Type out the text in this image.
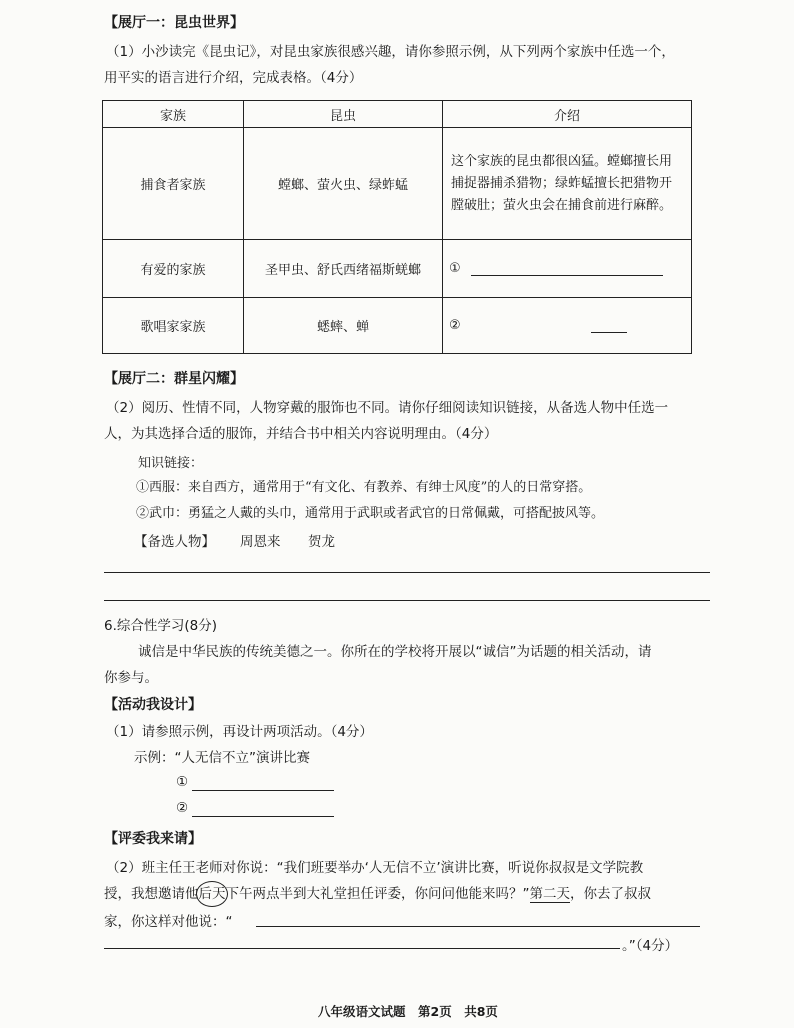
【展厅一：昆虫世界】
（1）小沙读完《昆虫记》，对昆虫家族很感兴趣，请你参照示例，从下列两个家族中任选一个，
用平实的语言进行介绍，完成表格。（4分）
家族	昆虫	介绍
捕食者家族	螳螂、萤火虫、绿蚱蜢	这个家族的昆虫都很凶猛。螳螂擅长用捕捉器捕杀猎物；绿蚱蜢擅长把猎物开膛破肚；萤火虫会在捕食前进行麻醉。
有爱的家族	圣甲虫、舒氏西绪福斯蜣螂	①
歌唱家家族	蟋蟀、蝉	②
【展厅二：群星闪耀】
（2）阅历、性情不同，人物穿戴的服饰也不同。请你仔细阅读知识链接，从备选人物中任选一
人，为其选择合适的服饰，并结合书中相关内容说明理由。（4分）
知识链接：
①西服：来自西方，通常用于“有文化、有教养、有绅士风度”的人的日常穿搭。
②武巾：勇猛之人戴的头巾，通常用于武职或者武官的日常佩戴，可搭配披风等。
【备选人物】 周恩来 贺龙
6.综合性学习(8分)
诚信是中华民族的传统美德之一。你所在的学校将开展以“诚信”为话题的相关活动，请
你参与。
【活动我设计】
（1）请参照示例，再设计两项活动。（4分）
示例：“人无信不立”演讲比赛
①
②
【评委我来请】
（2）班主任王老师对你说：“我们班要举办‘人无信不立’演讲比赛，听说你叔叔是文学院教
授，我想邀请他后天
下午两点半到大礼堂担任评委，你问问他能来吗？”第二天，你去了叔叔
家，你这样对他说：“
。”（4分）
八年级语文试题　第2页　共8页
